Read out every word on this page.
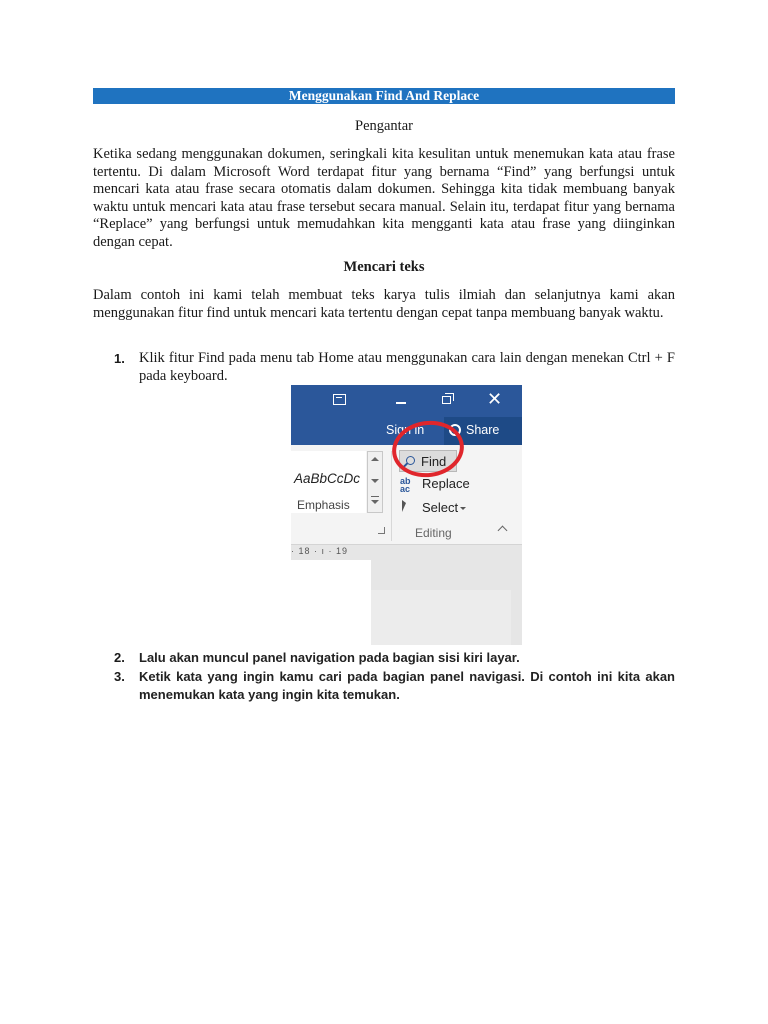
Menggunakan Find And Replace
Pengantar
Ketika sedang menggunakan dokumen, seringkali kita kesulitan untuk menemukan kata atau frase tertentu. Di dalam Microsoft Word terdapat fitur yang bernama “Find” yang berfungsi untuk mencari kata atau frase secara otomatis dalam dokumen. Sehingga kita tidak membuang banyak waktu untuk mencari kata atau frase tersebut secara manual. Selain itu, terdapat fitur yang bernama “Replace” yang berfungsi untuk memudahkan kita mengganti kata atau frase yang diinginkan dengan cepat.
Mencari teks
Dalam contoh ini kami telah membuat teks karya tulis ilmiah dan selanjutnya kami akan menggunakan fitur find untuk mencari kata tertentu dengan cepat tanpa membuang banyak waktu.
1. Klik fitur Find pada menu tab Home atau menggunakan cara lain dengan menekan Ctrl + F pada keyboard.
✕
Sign in	Share
AaBbCcDc
Emphasis
Find
ab
ac Replace
Select
Editing
· 18 · ı · 19
2. Lalu akan muncul panel navigation pada bagian sisi kiri layar.
3. Ketik kata yang ingin kamu cari pada bagian panel navigasi. Di contoh ini kita akan menemukan kata yang ingin kita temukan.
